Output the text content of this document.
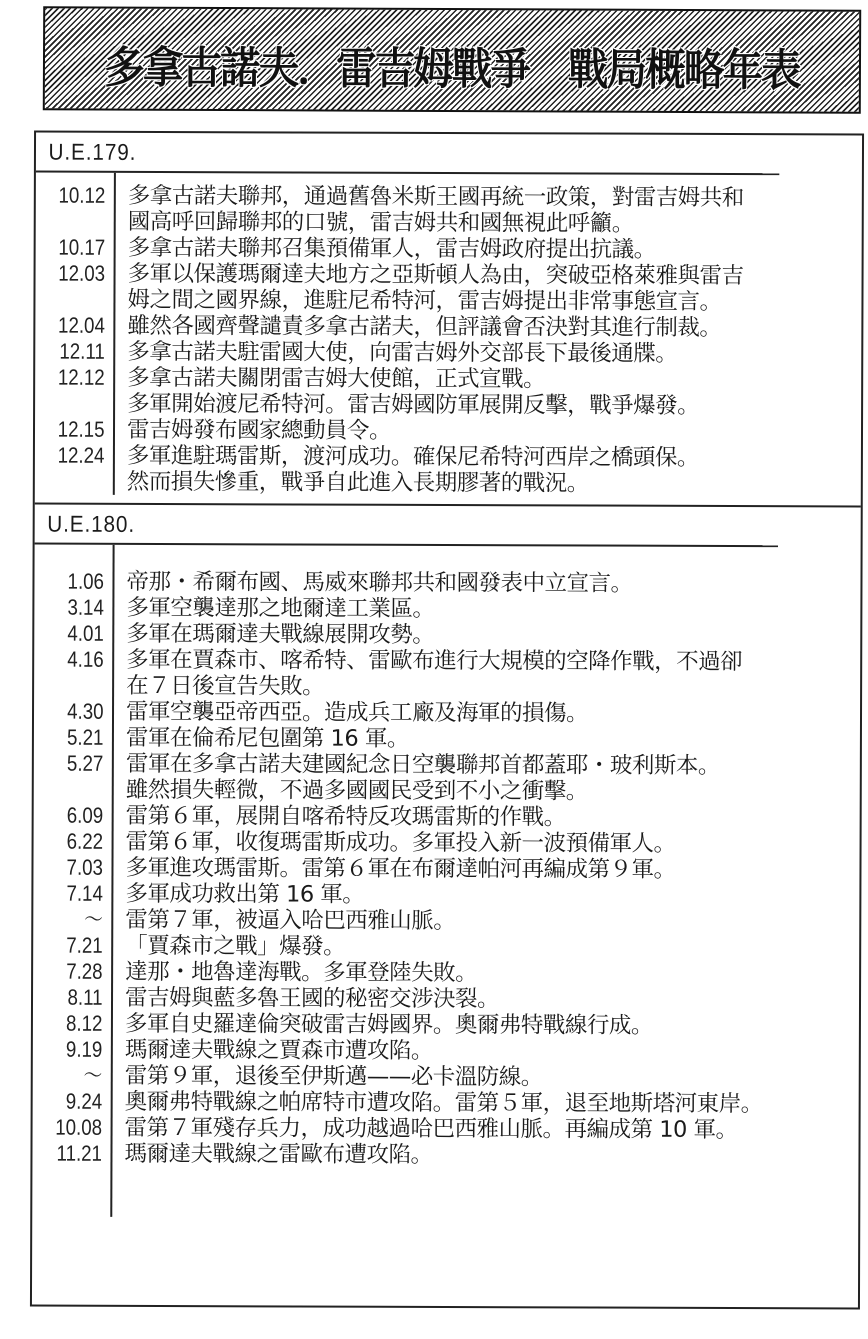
多拿古諾夫．雷吉姆戰爭　戰局概略年表
U.E.179.
10.12
10.17
12.03
12.04
12.11
12.12
12.15
12.24
多拿古諾夫聯邦，通過舊魯米斯王國再統一政策，對雷吉姆共和
國高呼回歸聯邦的口號，雷吉姆共和國無視此呼籲。
多拿古諾夫聯邦召集預備軍人，雷吉姆政府提出抗議。
多軍以保護瑪爾達夫地方之亞斯頓人為由，突破亞格萊雅與雷吉
姆之間之國界線，進駐尼希特河，雷吉姆提出非常事態宣言。
雖然各國齊聲譴責多拿古諾夫，但評議會否決對其進行制裁。
多拿古諾夫駐雷國大使，向雷吉姆外交部長下最後通牒。
多拿古諾夫關閉雷吉姆大使館，正式宣戰。
多軍開始渡尼希特河。雷吉姆國防軍展開反擊，戰爭爆發。
雷吉姆發布國家總動員令。
多軍進駐瑪雷斯，渡河成功。確保尼希特河西岸之橋頭保。
然而損失慘重，戰爭自此進入長期膠著的戰況。
U.E.180.
1.06
3.14
4.01
4.16
4.30
5.21
5.27
6.09
6.22
7.03
7.14
～
7.21
7.28
8.11
8.12
9.19
～
9.24
10.08
11.21
帝那・希爾布國、馬威來聯邦共和國發表中立宣言。
多軍空襲達那之地爾達工業區。
多軍在瑪爾達夫戰線展開攻勢。
多軍在賈森市、喀希特、雷歐布進行大規模的空降作戰，不過卻
在７日後宣告失敗。
雷軍空襲亞帝西亞。造成兵工廠及海軍的損傷。
雷軍在倫希尼包圍第 16 軍。
雷軍在多拿古諾夫建國紀念日空襲聯邦首都蓋耶・玻利斯本。
雖然損失輕微，不過多國國民受到不小之衝擊。
雷第６軍，展開自喀希特反攻瑪雷斯的作戰。
雷第６軍，收復瑪雷斯成功。多軍投入新一波預備軍人。
多軍進攻瑪雷斯。雷第６軍在布爾達帕河再編成第９軍。
多軍成功救出第 16 軍。
雷第７軍，被逼入哈巴西雅山脈。
「賈森市之戰」爆發。
達那・地魯達海戰。多軍登陸失敗。
雷吉姆與藍多魯王國的秘密交涉決裂。
多軍自史羅達倫突破雷吉姆國界。奧爾弗特戰線行成。
瑪爾達夫戰線之賈森市遭攻陷。
雷第９軍，退後至伊斯邁——必卡溫防線。
奧爾弗特戰線之帕席特市遭攻陷。雷第５軍，退至地斯塔河東岸。
雷第７軍殘存兵力，成功越過哈巴西雅山脈。再編成第 10 軍。
瑪爾達夫戰線之雷歐布遭攻陷。
